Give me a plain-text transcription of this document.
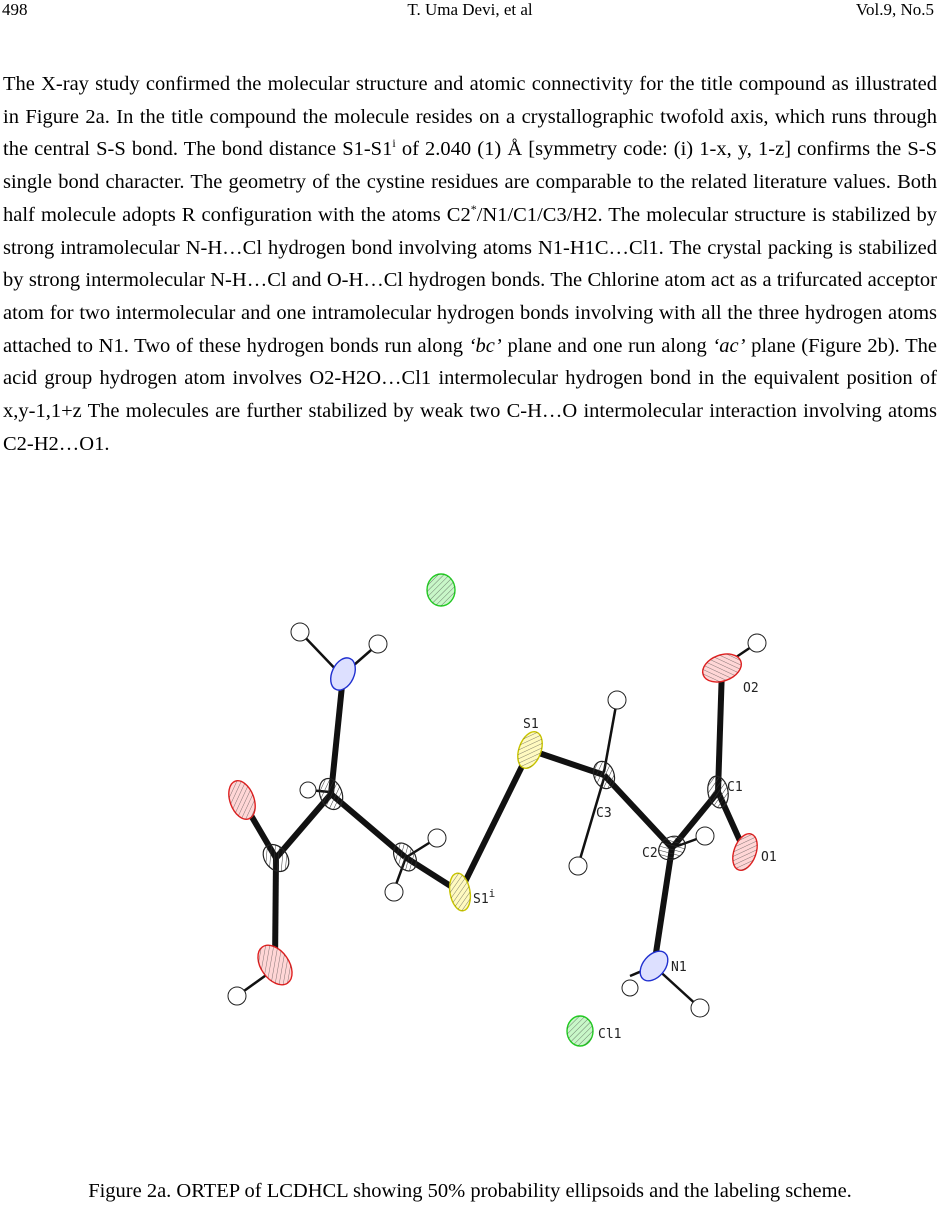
498	T. Uma Devi, et al	Vol.9, No.5
The X-ray study confirmed the molecular structure and atomic connectivity for the title compound as illustrated in Figure 2a. In the title compound the molecule resides on a crystallographic twofold axis, which runs through the central S-S bond. The bond distance S1-S1$^i$ of 2.040 (1) Å [symmetry code: (i) 1-x, y, 1-z] confirms the S-S single bond character. The geometry of the cystine residues are comparable to the related literature values. Both half molecule adopts R configuration with the atoms C2*/N1/C1/C3/H2. The molecular structure is stabilized by strong intramolecular N-H…Cl hydrogen bond involving atoms N1-H1C…Cl1. The crystal packing is stabilized by strong intermolecular N-H…Cl and O-H…Cl hydrogen bonds. The Chlorine atom act as a trifurcated acceptor atom for two intermolecular and one intramolecular hydrogen bonds involving with all the three hydrogen atoms attached to N1. Two of these hydrogen bonds run along ‘bc’ plane and one run along ‘ac’ plane (Figure 2b). The acid group hydrogen atom involves O2-H2O…Cl1 intermolecular hydrogen bond in the equivalent position of x,y-1,1+z The molecules are further stabilized by weak two C-H…O intermolecular interaction involving atoms C2-H2…O1.
S1
S1$^i$
C3
C2
C1
O2
O1
N1
Cl1
Figure 2a. ORTEP of LCDHCL showing 50% probability ellipsoids and the labeling scheme.
